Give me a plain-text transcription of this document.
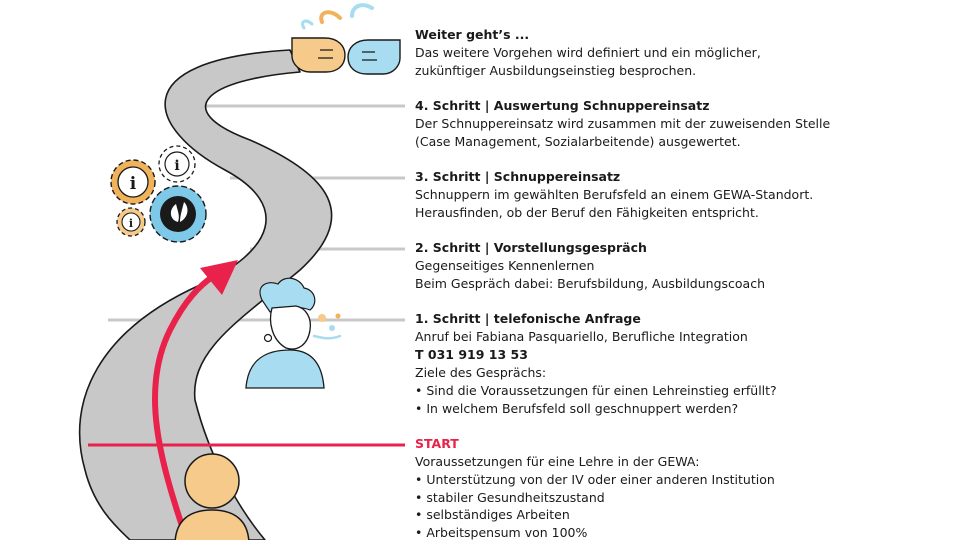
i
i
i
Weiter geht’s ...
Das weitere Vorgehen wird definiert und ein möglicher,
zukünftiger Ausbildungseinstieg besprochen.
4. Schritt | Auswertung Schnuppereinsatz
Der Schnuppereinsatz wird zusammen mit der zuweisenden Stelle
(Case Management, Sozialarbeitende) ausgewertet.
3. Schritt | Schnuppereinsatz
Schnuppern im gewählten Berufsfeld an einem GEWA-Standort.
Herausfinden, ob der Beruf den Fähigkeiten entspricht.
2. Schritt | Vorstellungsgespräch
Gegenseitiges Kennenlernen
Beim Gespräch dabei: Berufsbildung, Ausbildungscoach
1. Schritt | telefonische Anfrage
Anruf bei Fabiana Pasquariello, Berufliche Integration
T 031 919 13 53
Ziele des Gesprächs:
• Sind die Voraussetzungen für einen Lehreinstieg erfüllt?
• In welchem Berufsfeld soll geschnuppert werden?
START
Voraussetzungen für eine Lehre in der GEWA:
• Unterstützung von der IV oder einer anderen Institution
• stabiler Gesundheitszustand
• selbständiges Arbeiten
• Arbeitspensum von 100%
